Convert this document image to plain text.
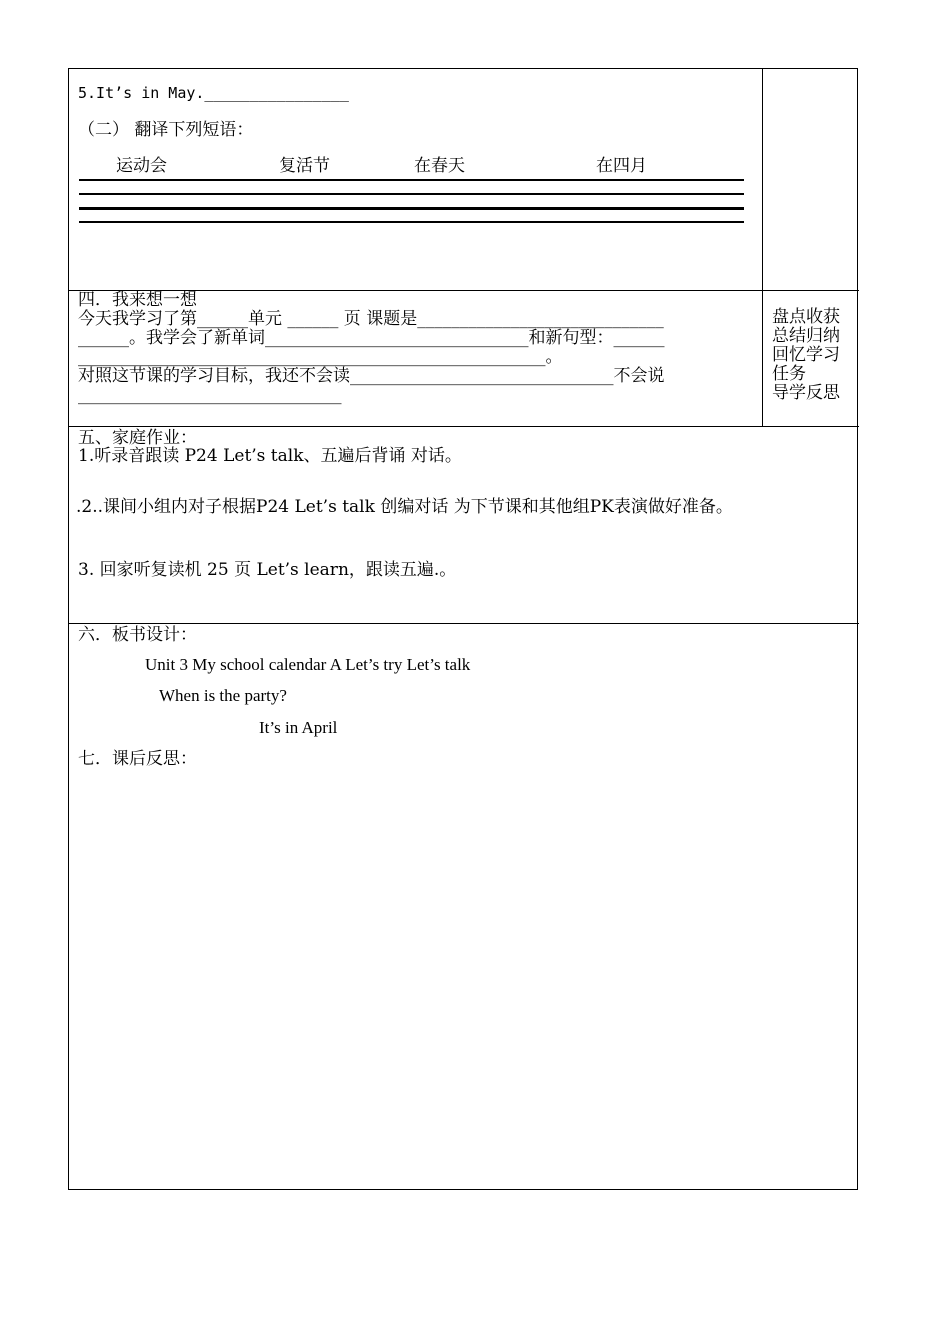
5.It’s in May.________________
（二） 翻译下列短语：
运动会	复活节	在春天	在四月
四．我来想一想
今天我学习了第______单元 ______ 页 课题是_____________________________
______。我学会了新单词_______________________________和新句型：______
_______________________________________________________。
对照这节课的学习目标，我还不会读_______________________________不会说
_______________________________
盘点收获
总结归纳
回忆学习
任务
导学反思
五、家庭作业：
1.听录音跟读 P24 Let’s talk、五遍后背诵 对话。
.2..课间小组内对子根据P24 Let’s talk 创编对话 为下节课和其他组PK表演做好准备。
3. 回家听复读机 25 页 Let’s learn，跟读五遍.。
六．板书设计：
Unit 3 My school calendar A Let’s try Let’s talk
When is the party?
It’s in April
七．课后反思：
